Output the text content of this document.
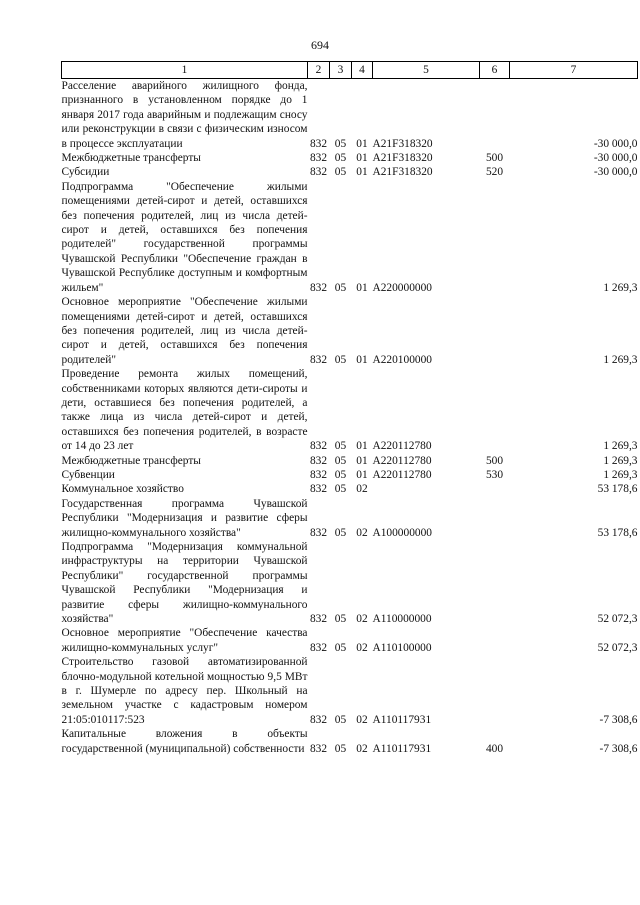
694
1	2	3	4	5	6	7
Расселение аварийного жилищного фонда, признанного в установленном порядке до 1 января 2017 года аварийным и подлежащим сносу или реконструкции в связи с физическим износом в процессе эксплуатации	832	05	01	A21F318320		-30 000,0
Межбюджетные трансферты	832	05	01	A21F318320	500	-30 000,0
Субсидии	832	05	01	A21F318320	520	-30 000,0
Подпрограмма "Обеспечение жилыми помещениями детей-сирот и детей, оставшихся без попечения родителей, лиц из числа детей-сирот и детей, оставшихся без попечения родителей" государственной программы Чувашской Республики "Обеспечение граждан в Чувашской Республике доступным и комфортным жильем"	832	05	01	A220000000		1 269,3
Основное мероприятие "Обеспечение жилыми помещениями детей-сирот и детей, оставшихся без попечения родителей, лиц из числа детей-сирот и детей, оставшихся без попечения родителей"	832	05	01	A220100000		1 269,3
Проведение ремонта жилых помещений, собственниками которых являются дети-сироты и дети, оставшиеся без попечения родителей, а также лица из числа детей-сирот и детей, оставшихся без попечения родителей, в возрасте от 14 до 23 лет	832	05	01	A220112780		1 269,3
Межбюджетные трансферты	832	05	01	A220112780	500	1 269,3
Субвенции	832	05	01	A220112780	530	1 269,3
Коммунальное хозяйство	832	05	02			53 178,6
Государственная программа Чувашской Республики "Модернизация и развитие сферы жилищно-коммунального хозяйства"	832	05	02	A100000000		53 178,6
Подпрограмма "Модернизация коммунальной инфраструктуры на территории Чувашской Республики" государственной программы Чувашской Республики "Модернизация и развитие сферы жилищно-коммунального хозяйства"	832	05	02	A110000000		52 072,3
Основное мероприятие "Обеспечение качества жилищно-коммунальных услуг"	832	05	02	A110100000		52 072,3
Строительство газовой автоматизированной блочно-модульной котельной мощностью 9,5 МВт в г. Шумерле по адресу пер. Школьный на земельном участке с кадастровым номером 21:05:010117:523	832	05	02	A110117931		-7 308,6
Капитальные вложения в объекты государственной (муниципальной) собственности	832	05	02	A110117931	400	-7 308,6
